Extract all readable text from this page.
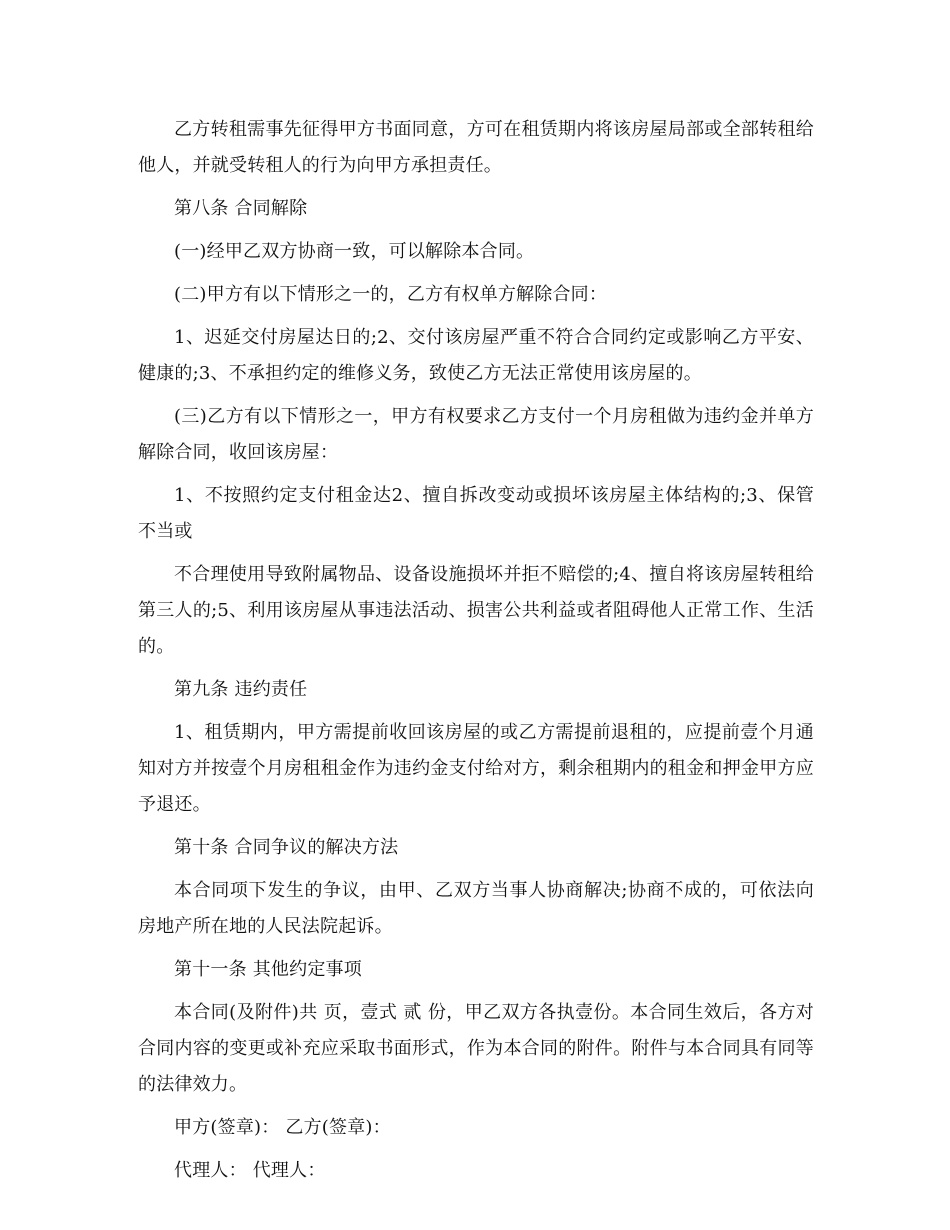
乙方转租需事先征得甲方书面同意，方可在租赁期内将该房屋局部或全部转租给他人，并就受转租人的行为向甲方承担责任。

第八条 合同解除

(一)经甲乙双方协商一致，可以解除本合同。

(二)甲方有以下情形之一的，乙方有权单方解除合同：

1、迟延交付房屋达日的;2、交付该房屋严重不符合合同约定或影响乙方平安、健康的;3、不承担约定的维修义务，致使乙方无法正常使用该房屋的。

(三)乙方有以下情形之一，甲方有权要求乙方支付一个月房租做为违约金并单方解除合同，收回该房屋：

1、不按照约定支付租金达2、擅自拆改变动或损坏该房屋主体结构的;3、保管不当或

不合理使用导致附属物品、设备设施损坏并拒不赔偿的;4、擅自将该房屋转租给第三人的;5、利用该房屋从事违法活动、损害公共利益或者阻碍他人正常工作、生活的。

第九条 违约责任

1、租赁期内，甲方需提前收回该房屋的或乙方需提前退租的，应提前壹个月通知对方并按壹个月房租租金作为违约金支付给对方，剩余租期内的租金和押金甲方应予退还。

第十条 合同争议的解决方法

本合同项下发生的争议，由甲、乙双方当事人协商解决;协商不成的，可依法向房地产所在地的人民法院起诉。

第十一条 其他约定事项

本合同(及附件)共 页，壹式 贰 份，甲乙双方各执壹份。本合同生效后，各方对合同内容的变更或补充应采取书面形式，作为本合同的附件。附件与本合同具有同等的法律效力。

甲方(签章)： 乙方(签章)：

代理人： 代理人：
